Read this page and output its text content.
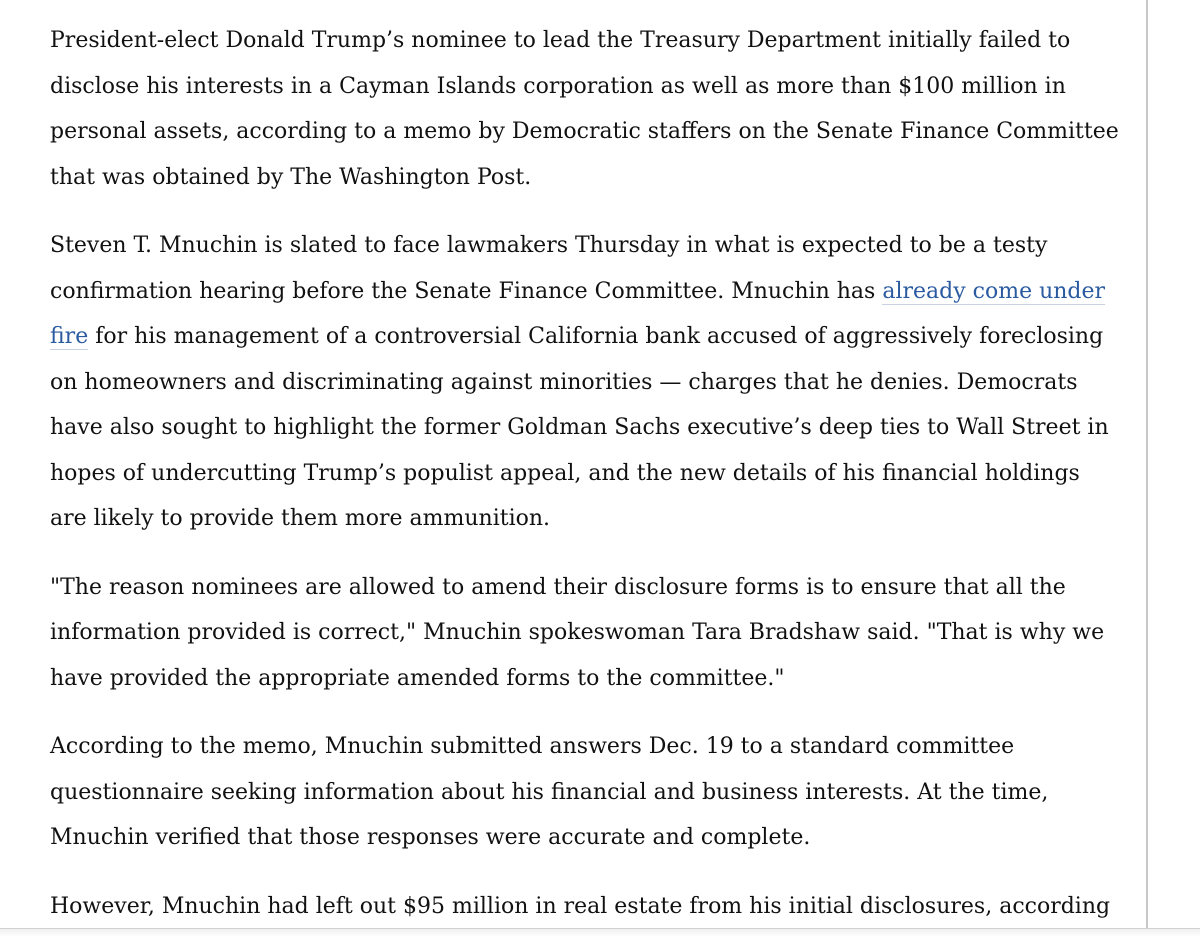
President-elect Donald Trump’s nominee to lead the Treasury Department initially failed to
disclose his interests in a Cayman Islands corporation as well as more than $100 million in
personal assets, according to a memo by Democratic staffers on the Senate Finance Committee
that was obtained by The Washington Post.

Steven T. Mnuchin is slated to face lawmakers Thursday in what is expected to be a testy
confirmation hearing before the Senate Finance Committee. Mnuchin has already come under
fire for his management of a controversial California bank accused of aggressively foreclosing
on homeowners and discriminating against minorities — charges that he denies. Democrats
have also sought to highlight the former Goldman Sachs executive’s deep ties to Wall Street in
hopes of undercutting Trump’s populist appeal, and the new details of his financial holdings
are likely to provide them more ammunition.

"The reason nominees are allowed to amend their disclosure forms is to ensure that all the
information provided is correct," Mnuchin spokeswoman Tara Bradshaw said. "That is why we
have provided the appropriate amended forms to the committee."

According to the memo, Mnuchin submitted answers Dec. 19 to a standard committee
questionnaire seeking information about his financial and business interests. At the time,
Mnuchin verified that those responses were accurate and complete.

However, Mnuchin had left out $95 million in real estate from his initial disclosures, according
